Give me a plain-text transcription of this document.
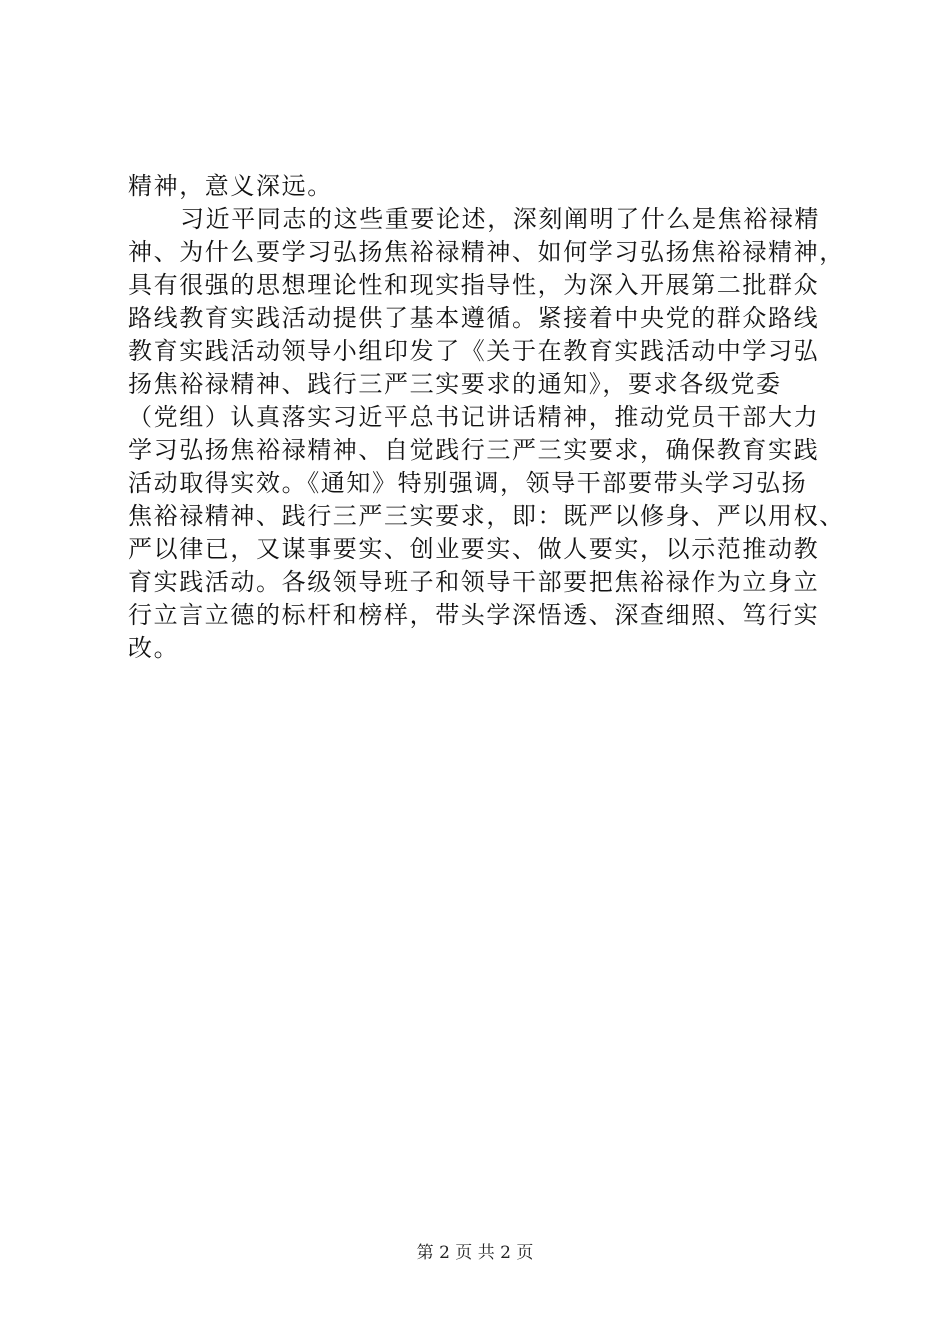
精神，意义深远。
习近平同志的这些重要论述，深刻阐明了什么是焦裕禄精
神、为什么要学习弘扬焦裕禄精神、如何学习弘扬焦裕禄精神，
具有很强的思想理论性和现实指导性，为深入开展第二批群众
路线教育实践活动提供了基本遵循。紧接着中央党的群众路线
教育实践活动领导小组印发了《关于在教育实践活动中学习弘
扬焦裕禄精神、践行三严三实要求的通知》，要求各级党委
（党组）认真落实习近平总书记讲话精神，推动党员干部大力
学习弘扬焦裕禄精神、自觉践行三严三实要求，确保教育实践
活动取得实效。《通知》特别强调，领导干部要带头学习弘扬
焦裕禄精神、践行三严三实要求，即：既严以修身、严以用权、
严以律已，又谋事要实、创业要实、做人要实，以示范推动教
育实践活动。各级领导班子和领导干部要把焦裕禄作为立身立
行立言立德的标杆和榜样，带头学深悟透、深查细照、笃行实
改。
第 2 页 共 2 页
